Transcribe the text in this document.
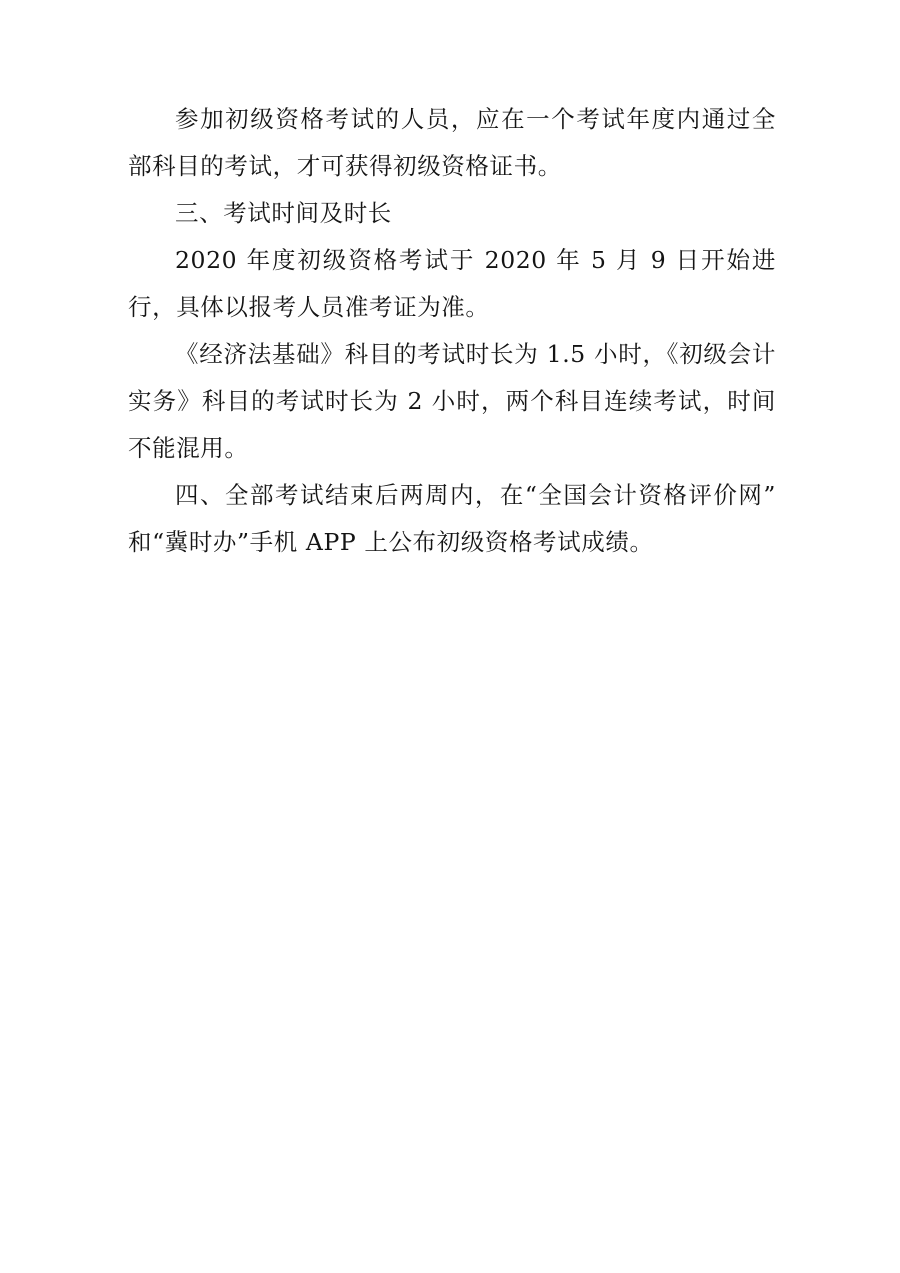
参加初级资格考试的人员，应在一个考试年度内通过全部科目的考试，才可获得初级资格证书。

三、考试时间及时长

2020 年度初级资格考试于 2020 年 5 月 9 日开始进行，具体以报考人员准考证为准。

《经济法基础》科目的考试时长为 1.5 小时，《初级会计实务》科目的考试时长为 2 小时，两个科目连续考试，时间不能混用。

四、全部考试结束后两周内，在“全国会计资格评价网”和“冀时办”手机 APP 上公布初级资格考试成绩。
